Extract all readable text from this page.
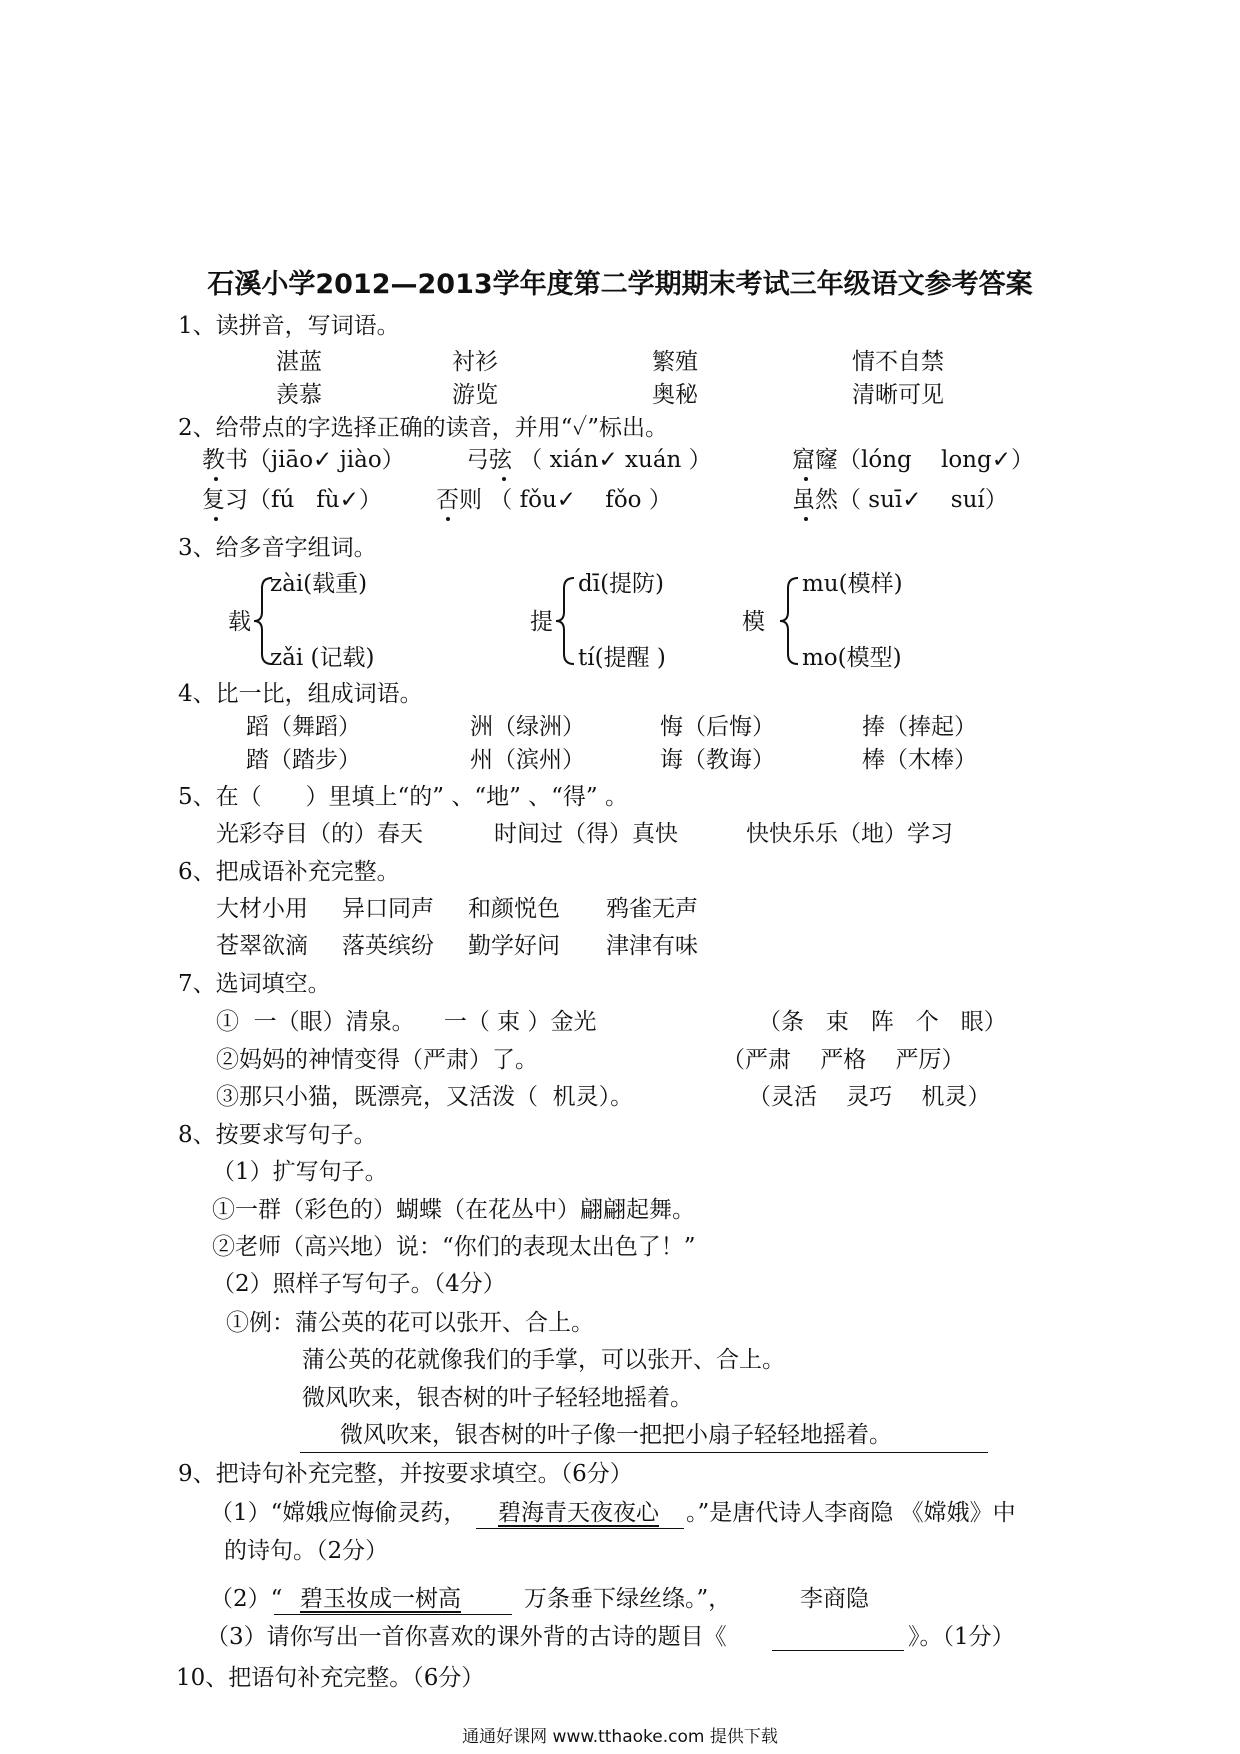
石溪小学2012—2013学年度第二学期期末考试三年级语文参考答案
1、读拼音，写词语。
湛蓝	衬衫	繁殖	情不自禁
羡慕	游览	奥秘	清晰可见
2、给带点的字选择正确的读音，并用“✓”标出。
教书（jiāo✓ jiào）	弓弦 （ xián✓ xuán ）	窟窿（lóng    long✓）
复习（fú   fù✓） 否则 （ fǒu✓    fǒo ）	虽然（ suī✓    suí）
3、给多音字组词。
载
zài(载重)
zǎi (记载)
提
dī(提防)
tí(提醒 )
模
mu(模样)
mo(模型)
4、比一比，组成词语。
蹈（舞蹈）	洲（绿洲）	悔（后悔）	捧（捧起）
踏（踏步）	州（滨州）	诲（教诲）	棒（木棒）
5、在（      ）里填上“的” 、“地” 、“得” 。
光彩夺目（的）春天	时间过（得）真快	快快乐乐（地）学习
6、把成语补充完整。
大材小用 异口同声 和颜悦色 鸦雀无声
苍翠欲滴 落英缤纷 勤学好问 津津有味
7、选词填空。
①  一（眼）清泉。    一（ 束 ）金光	（条   束   阵   个   眼）
②妈妈的神情变得（严肃）了。	（严肃    严格    严厉）
③那只小猫，既漂亮，又活泼（  机灵）。	（灵活    灵巧    机灵）
8、按要求写句子。
（1）扩写句子。
①一群（彩色的）蝴蝶（在花丛中）翩翩起舞。
②老师（高兴地）说：“你们的表现太出色了！”
（2）照样子写句子。（4分）
①例：蒲公英的花可以张开、合上。
蒲公英的花就像我们的手掌，可以张开、合上。
微风吹来，银杏树的叶子轻轻地摇着。
微风吹来，银杏树的叶子像一把把小扇子轻轻地摇着。
9、把诗句补充完整，并按要求填空。（6分）
（1）“嫦娥应悔偷灵药， 碧海青天夜夜心 。”是唐代诗人李商隐 《嫦娥》中
的诗句。（2分）
（2）“ 碧玉妆成一树高	万条垂下绿丝绦。”，	李商隐
（3）请你写出一首你喜欢的课外背的古诗的题目《	》。（1分）
10、把语句补充完整。（6分）
通通好课网 www.tthaoke.com 提供下载
